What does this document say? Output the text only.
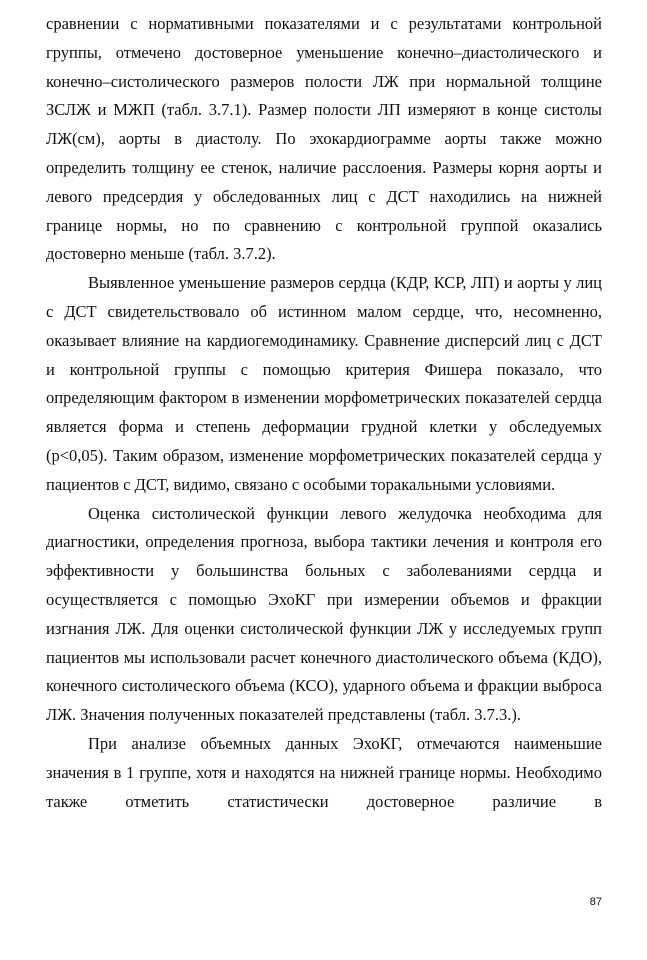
сравнении с нормативными показателями и с результатами контрольной группы, отмечено достоверное уменьшение конечно–диастолического и конечно–систолического размеров полости ЛЖ при нормальной толщине ЗСЛЖ и МЖП (табл. 3.7.1). Размер полости ЛП измеряют в конце систолы ЛЖ(см), аорты в диастолу. По эхокардиограмме аорты также можно определить толщину ее стенок, наличие расслоения. Размеры корня аорты и левого предсердия у обследованных лиц с ДСТ находились на нижней границе нормы, но по сравнению с контрольной группой оказались достоверно меньше (табл. 3.7.2).

Выявленное уменьшение размеров сердца (КДР, КСР, ЛП) и аорты у лиц с ДСТ свидетельствовало об истинном малом сердце, что, несомненно, оказывает влияние на кардиогемодинамику. Сравнение дисперсий лиц с ДСТ и контрольной группы с помощью критерия Фишера показало, что определяющим фактором в изменении морфометрических показателей сердца является форма и степень деформации грудной клетки у обследуемых (р<0,05). Таким образом, изменение морфометрических показателей сердца у пациентов с ДСТ, видимо, связано с особыми торакальными условиями.

Оценка систолической функции левого желудочка необходима для диагностики, определения прогноза, выбора тактики лечения и контроля его эффективности у большинства больных с заболеваниями сердца и осуществляется с помощью ЭхоКГ при измерении объемов и фракции изгнания ЛЖ. Для оценки систолической функции ЛЖ у исследуемых групп пациентов мы использовали расчет конечного диастолического объема (КДО), конечного систолического объема (КСО), ударного объема и фракции выброса ЛЖ. Значения полученных показателей представлены (табл. 3.7.3.).

При анализе объемных данных ЭхоКГ, отмечаются наименьшие значения в 1 группе, хотя и находятся на нижней границе нормы. Необходимо также отметить статистически достоверное различие в

87
